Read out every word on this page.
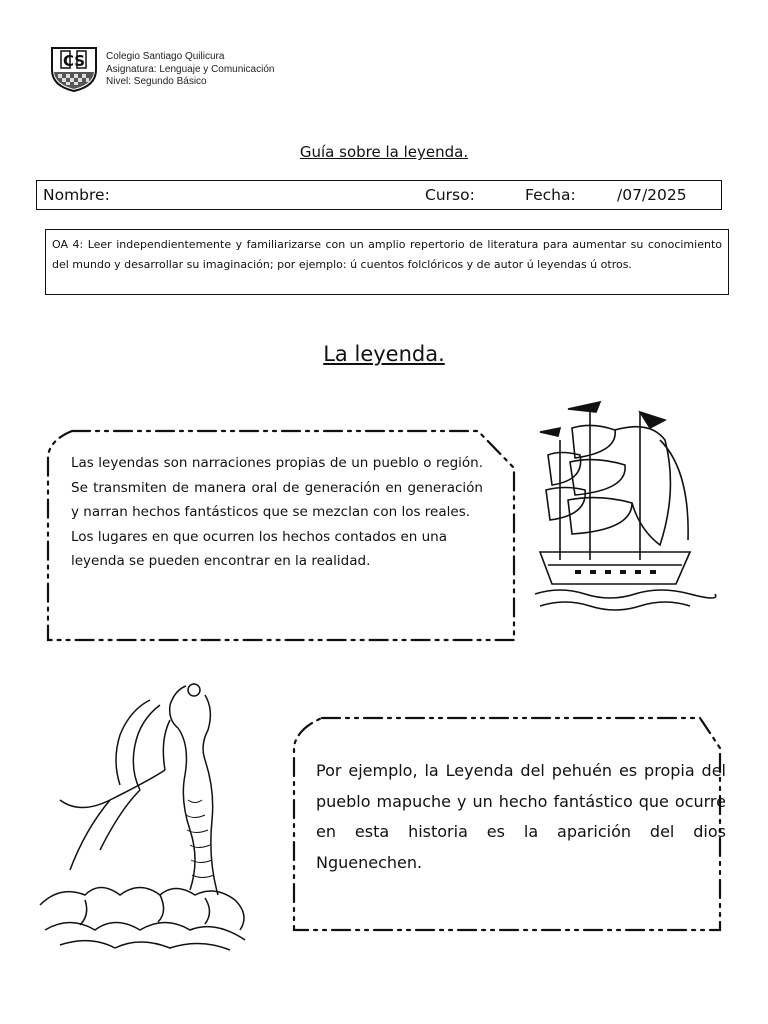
CS Colegio Santiago Quilicura
Asignatura: Lenguaje y Comunicación
Nivel: Segundo Básico
Guía sobre la leyenda.
Nombre:	Curso:	Fecha:	/07/2025
OA 4: Leer independientemente y familiarizarse con un amplio repertorio de literatura para aumentar su conocimiento del mundo y desarrollar su imaginación; por ejemplo: ú cuentos folclóricos y de autor ú leyendas ú otros.
La leyenda.

Las leyendas son narraciones propias de un pueblo o región. Se transmiten de manera oral de generación en generación y narran hechos fantásticos que se mezclan con los reales.

Los lugares en que ocurren los hechos contados en una leyenda se pueden encontrar en la realidad.

Por ejemplo, la Leyenda del pehuén es propia del pueblo mapuche y un hecho fantástico que ocurre en esta historia es la aparición del dios Nguenechen.
